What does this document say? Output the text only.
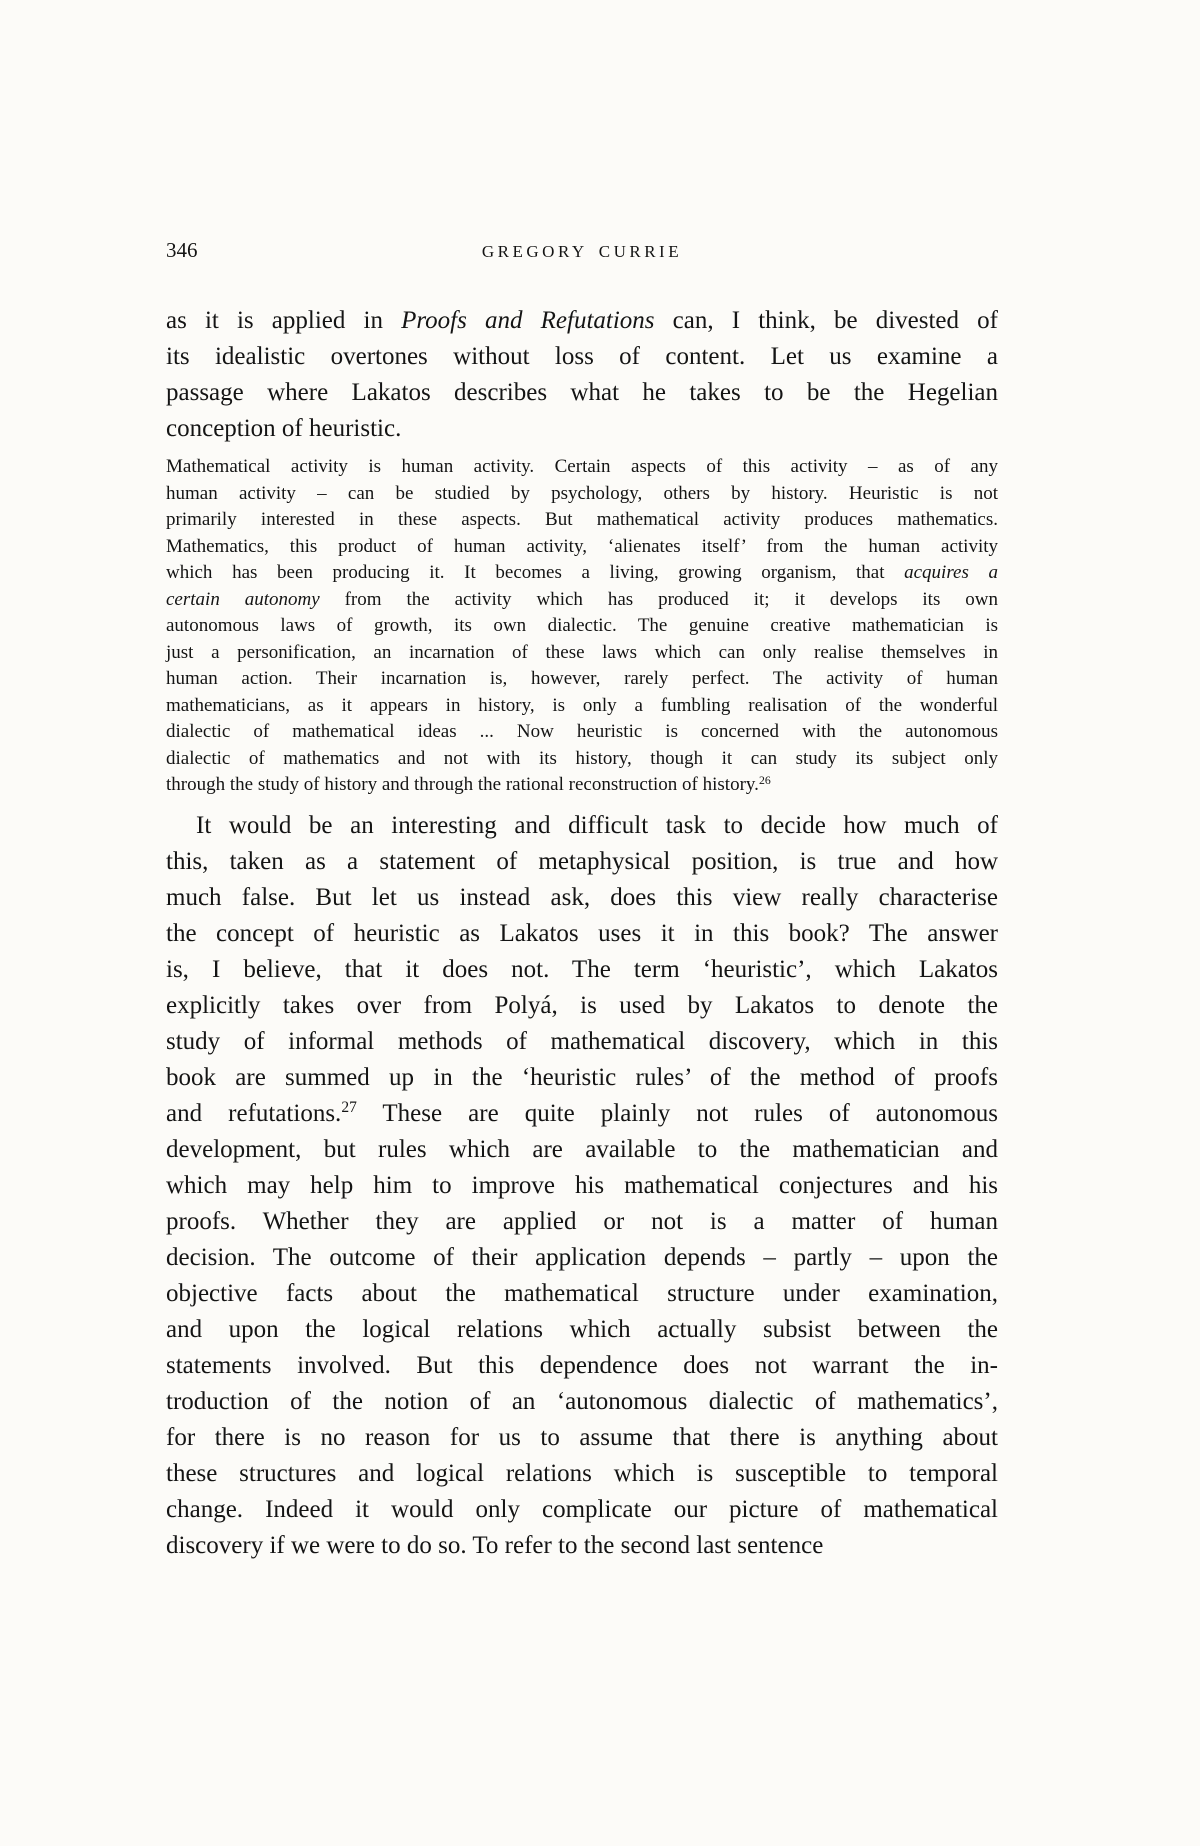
346	GREGORY CURRIE
as it is applied in Proofs and Refutations can, I think, be divested of
its idealistic overtones without loss of content. Let us examine a
passage where Lakatos describes what he takes to be the Hegelian
conception of heuristic.
Mathematical activity is human activity. Certain aspects of this activity – as of any
human activity – can be studied by psychology, others by history. Heuristic is not
primarily interested in these aspects. But mathematical activity produces mathematics.
Mathematics, this product of human activity, ‘alienates itself’ from the human activity
which has been producing it. It becomes a living, growing organism, that acquires a
certain autonomy from the activity which has produced it; it develops its own
autonomous laws of growth, its own dialectic. The genuine creative mathematician is
just a personification, an incarnation of these laws which can only realise themselves in
human action. Their incarnation is, however, rarely perfect. The activity of human
mathematicians, as it appears in history, is only a fumbling realisation of the wonderful
dialectic of mathematical ideas ... Now heuristic is concerned with the autonomous
dialectic of mathematics and not with its history, though it can study its subject only
through the study of history and through the rational reconstruction of history.$^{26}$
It would be an interesting and difficult task to decide how much of
this, taken as a statement of metaphysical position, is true and how
much false. But let us instead ask, does this view really characterise
the concept of heuristic as Lakatos uses it in this book? The answer
is, I believe, that it does not. The term ‘heuristic’, which Lakatos
explicitly takes over from Polyá, is used by Lakatos to denote the
study of informal methods of mathematical discovery, which in this
book are summed up in the ‘heuristic rules’ of the method of proofs
and refutations.$^{27}$ These are quite plainly not rules of autonomous
development, but rules which are available to the mathematician and
which may help him to improve his mathematical conjectures and his
proofs. Whether they are applied or not is a matter of human
decision. The outcome of their application depends – partly – upon the
objective facts about the mathematical structure under examination,
and upon the logical relations which actually subsist between the
statements involved. But this dependence does not warrant the in-
troduction of the notion of an ‘autonomous dialectic of mathematics’,
for there is no reason for us to assume that there is anything about
these structures and logical relations which is susceptible to temporal
change. Indeed it would only complicate our picture of mathematical
discovery if we were to do so. To refer to the second last sentence
